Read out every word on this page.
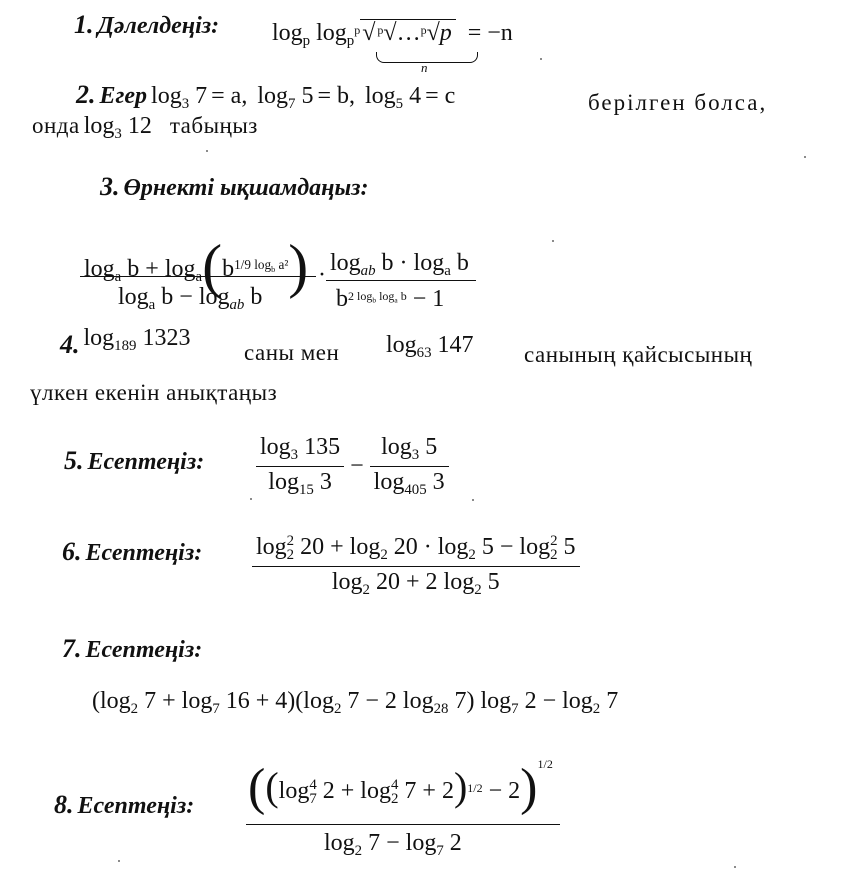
1. Дәлелдеңіз: $\log_p \log_p^p√$ $^p$√…$^p$√p = −n
n
2. Егер $\log_3 7 = a$,  $\log_7 5 = b$,  $\log_5 4 = c$	берілген болса,
онда $\log_3 12$ табыңыз
3. Өрнекті ықшамдаңыз:
$\log_a b + \log_a(b^{1/9 log_b a^2})$
$\log_a b - \log_{ab} b$
· $\log_{ab} b \cdot \log_a b$
$b^{2 log_b log_a b} - 1$
4. $\log_{189} 1323$
саны мен $\log_{63} 147$ санының қайсысының
үлкен екенін анықтаңыз
5. Есептеңіз: $\frac{\log_3 135}{\log_{15} 3} - \frac{\log_3 5}{\log_{405} 3}$
6. Есептеңіз: log $_{2 2}$ $20 + \log_2 20 \cdot \log_2 5 - \log _{2 2}$ 5
$\log_2 20 + 2$ $\log_2 5$
7. Есептеңіз:
($\log_2$ $7 + \log_7 16 + 4)(\log_2$ 7 − 2 $\log_{28} 7$) $\log_7 2 - \log_2 7$
8. Есептеңіз: ((log $_{4 7}$ 2 + log $_{4 2}$ 7 + 2)$^{1/2}$ − 2)$^{1/2}$
$\log_2 7 - \log_7 2$
